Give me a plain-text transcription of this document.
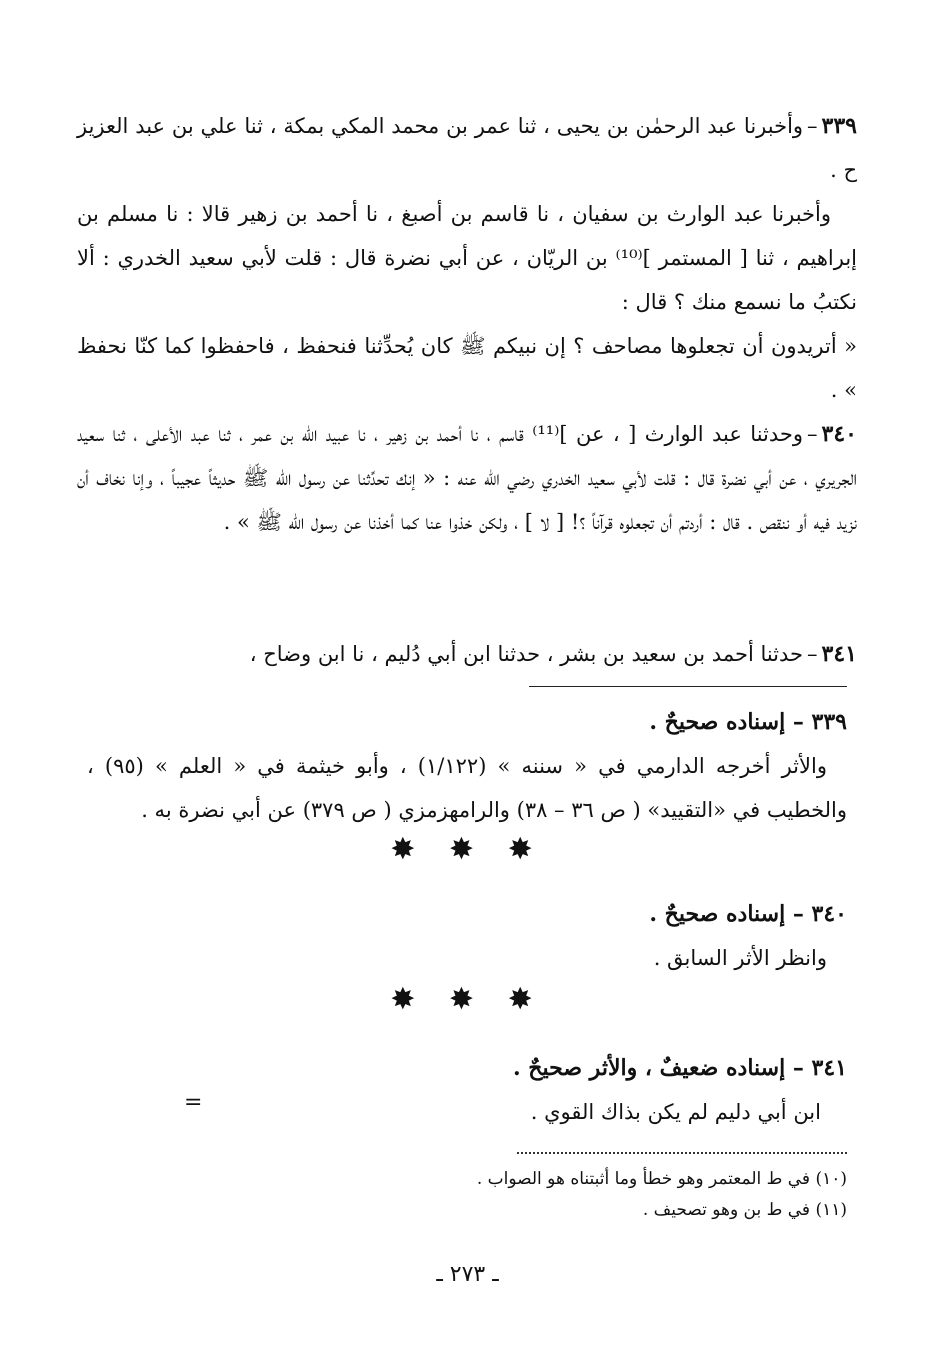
٣٣٩–وأخبرنا عبد الرحمٰن بن يحيى ، ثنا عمر بن محمد المكي بمكة ، ثنا علي بن عبد العزيز ح .
وأخبرنا عبد الوارث بن سفيان ، نا قاسم بن أصبغ ، نا أحمد بن زهير قالا : نا مسلم بن إبراهيم ، ثنا [ المستمر ]⁽¹⁰⁾ بن الريّان ، عن أبي نضرة قال : قلت لأبي سعيد الخدري : ألا نكتبُ ما نسمع منك ؟ قال :
« أتريدون أن تجعلوها مصاحف ؟ إن نبيكم ﷺ كان يُحدِّثنا فنحفظ ، فاحفظوا كما كنّا نحفظ » .
٣٤٠–وحدثنا عبد الوارث [ ، عن ]⁽¹¹⁾ قاسم ، نا أحمد بن زهير ، نا عبيد الله بن عمر ، ثنا عبد الأعلى ، ثنا سعيد الجريري ، عن أبي نضرة قال : قلت لأبي سعيد الخدري رضي الله عنه : « إنك تحدِّثنا عن رسول الله ﷺ حديثاً عجيباً ، وإنا نخاف أن نزيد فيه أو ننقص . قال : أردتم أن تجعلوه قرآناً ؟! [ لا ] ، ولكن خذوا عنا كما أخذنا عن رسول الله ﷺ » .
٣٤١–حدثنا أحمد بن سعيد بن بشر ، حدثنا ابن أبي دُليم ، نا ابن وضاح ،
٣٣٩ – إسناده صحيحٌ .
والأثر أخرجه الدارمي في « سننه » (١/١٢٢) ، وأبو خيثمة في « العلم » (٩٥) ، والخطيب في «التقييد» ( ص ٣٦ – ٣٨) والرامهزمزي ( ص ٣٧٩) عن أبي نضرة به .
✸ ✸ ✸
٣٤٠ – إسناده صحيحٌ .
وانظر الأثر السابق .
✸ ✸ ✸
٣٤١ – إسناده ضعيفٌ ، والأثر صحيحٌ .
ابن أبي دليم لم يكن بذاك القوي .
=
(١٠) في ط المعتمر وهو خطأ وما أثبتناه هو الصواب .
(١١) في ط بن وهو تصحيف .
ـ ٢٧٣ ـ
